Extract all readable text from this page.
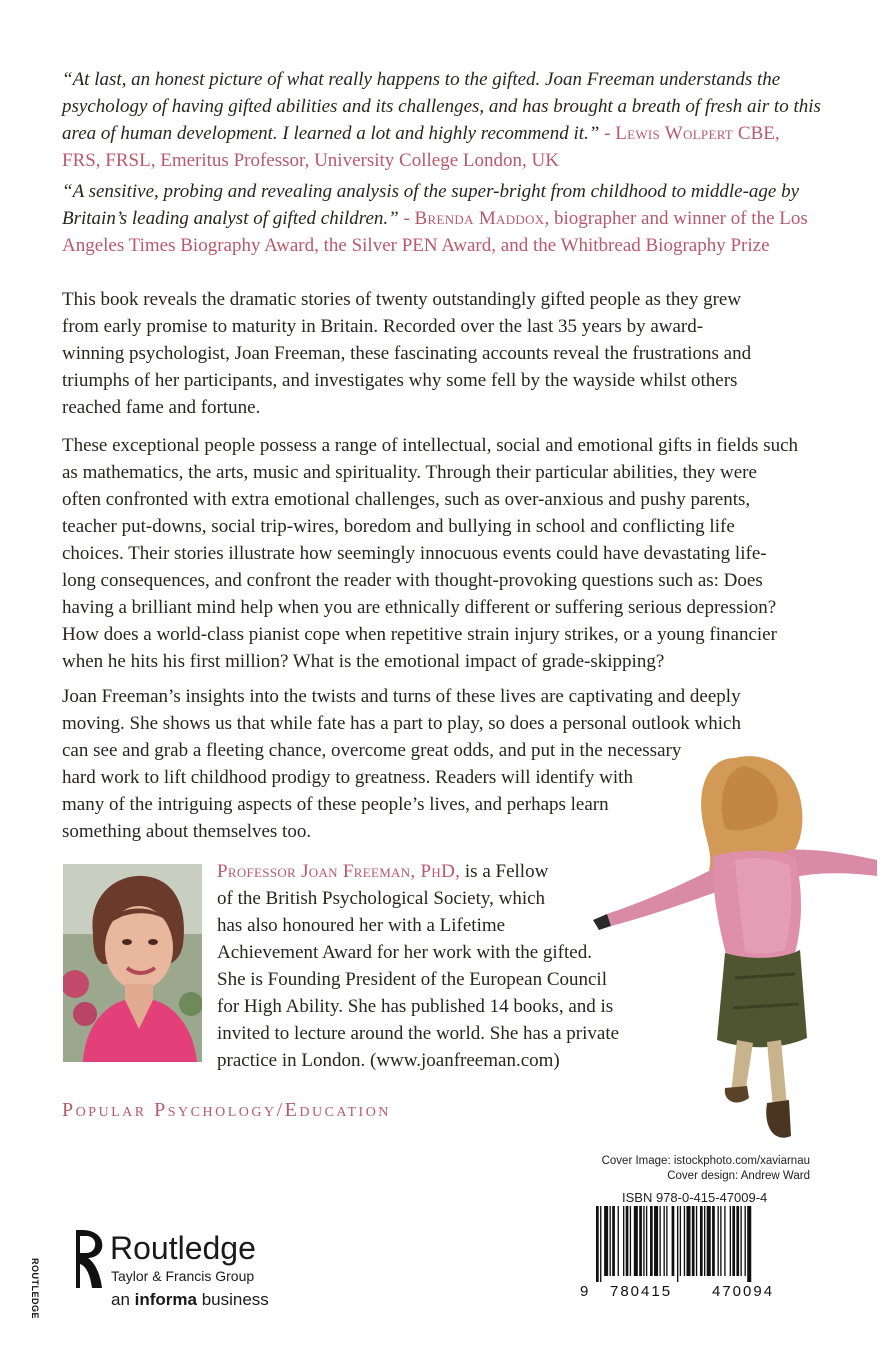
“At last, an honest picture of what really happens to the gifted. Joan Freeman understands the psychology of having gifted abilities and its challenges, and has brought a breath of fresh air to this area of human development. I learned a lot and highly recommend it.” - Lewis Wolpert CBE, FRS, FRSL, Emeritus Professor, University College London, UK
“A sensitive, probing and revealing analysis of the super-bright from childhood to middle-age by Britain’s leading analyst of gifted children.” - Brenda Maddox, biographer and winner of the Los Angeles Times Biography Award, the Silver PEN Award, and the Whitbread Biography Prize

This book reveals the dramatic stories of twenty outstandingly gifted people as they grew
from early promise to maturity in Britain. Recorded over the last 35 years by award-
winning psychologist, Joan Freeman, these fascinating accounts reveal the frustrations and
triumphs of her participants, and investigates why some fell by the wayside whilst others
reached fame and fortune.

These exceptional people possess a range of intellectual, social and emotional gifts in fields such
as mathematics, the arts, music and spirituality. Through their particular abilities, they were
often confronted with extra emotional challenges, such as over-anxious and pushy parents,
teacher put-downs, social trip-wires, boredom and bullying in school and conflicting life
choices. Their stories illustrate how seemingly innocuous events could have devastating life-
long consequences, and confront the reader with thought-provoking questions such as: Does
having a brilliant mind help when you are ethnically different or suffering serious depression?
How does a world-class pianist cope when repetitive strain injury strikes, or a young financier
when he hits his first million? What is the emotional impact of grade-skipping?

Joan Freeman’s insights into the twists and turns of these lives are captivating and deeply
moving. She shows us that while fate has a part to play, so does a personal outlook which
can see and grab a fleeting chance, overcome great odds, and put in the necessary
hard work to lift childhood prodigy to greatness. Readers will identify with
many of the intriguing aspects of these people’s lives, and perhaps learn
something about themselves too.

Professor Joan Freeman, PhD, is a Fellow
of the British Psychological Society, which
has also honoured her with a Lifetime
Achievement Award for her work with the gifted.
She is Founding President of the European Council
for High Ability. She has published 14 books, and is
invited to lecture around the world. She has a private
practice in London. (www.joanfreeman.com)
Popular Psychology/Education
Cover Image: istockphoto.com/xaviarnau
Cover design: Andrew Ward
ISBN 978-0-415-47009-4
9 780415	470094
ROUTLEDGE
Routledge
Taylor & Francis Group
an informa business
